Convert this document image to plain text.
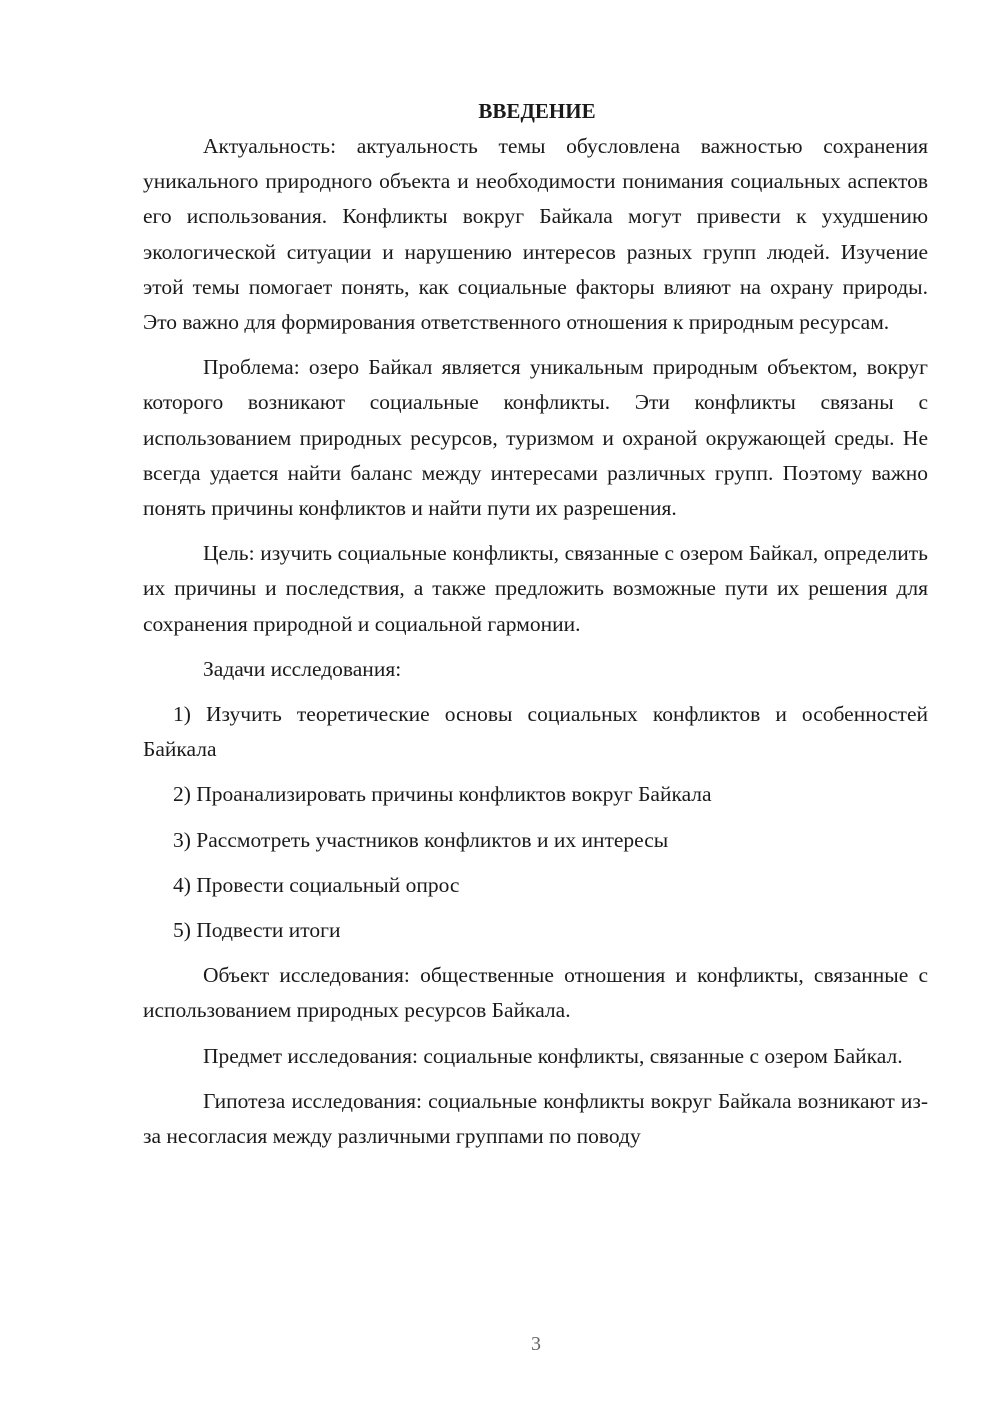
ВВЕДЕНИЕ

Актуальность: актуальность темы обусловлена важностью сохранения уникального природного объекта и необходимости понимания социальных аспектов его использования. Конфликты вокруг Байкала могут привести к ухудшению экологической ситуации и нарушению интересов разных групп людей. Изучение этой темы помогает понять, как социальные факторы влияют на охрану природы. Это важно для формирования ответственного отношения к природным ресурсам.

Проблема: озеро Байкал является уникальным природным объектом, вокруг которого возникают социальные конфликты. Эти конфликты связаны с использованием природных ресурсов, туризмом и охраной окружающей среды. Не всегда удается найти баланс между интересами различных групп. Поэтому важно понять причины конфликтов и найти пути их разрешения.

Цель: изучить социальные конфликты, связанные с озером Байкал, определить их причины и последствия, а также предложить возможные пути их решения для сохранения природной и социальной гармонии.

Задачи исследования:

1) Изучить теоретические основы социальных конфликтов и особенностей Байкала

2) Проанализировать причины конфликтов вокруг Байкала

3) Рассмотреть участников конфликтов и их интересы

4) Провести социальный опрос

5) Подвести итоги

Объект исследования: общественные отношения и конфликты, связанные с использованием природных ресурсов Байкала.

Предмет исследования: социальные конфликты, связанные с озером Байкал.

Гипотеза исследования: социальные конфликты вокруг Байкала возникают из-за несогласия между различными группами по поводу

3
